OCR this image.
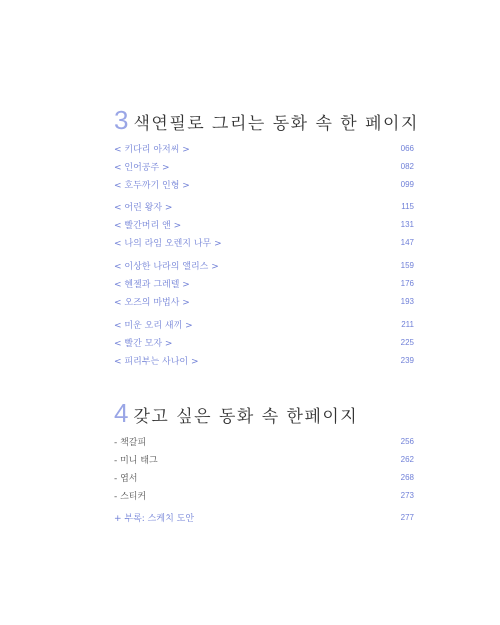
3 색연필로 그리는 동화 속 한 페이지
< 키다리 아저씨 >	066
< 인어공주 >	082
< 호두까기 인형 >	099
< 어린 왕자 >	115
< 빨간머리 앤 >	131
< 나의 라임 오렌지 나무 >	147
< 이상한 나라의 앨리스 >	159
< 헨젤과 그레텔 >	176
< 오즈의 마법사 >	193
< 미운 오리 새끼 >	211
< 빨간 모자 >	225
< 피리부는 사나이 >	239
4 갖고 싶은 동화 속 한페이지
- 책갈피	256
- 미니 태그	262
- 엽서	268
- 스티커	273
+ 부록: 스케치 도안	277
